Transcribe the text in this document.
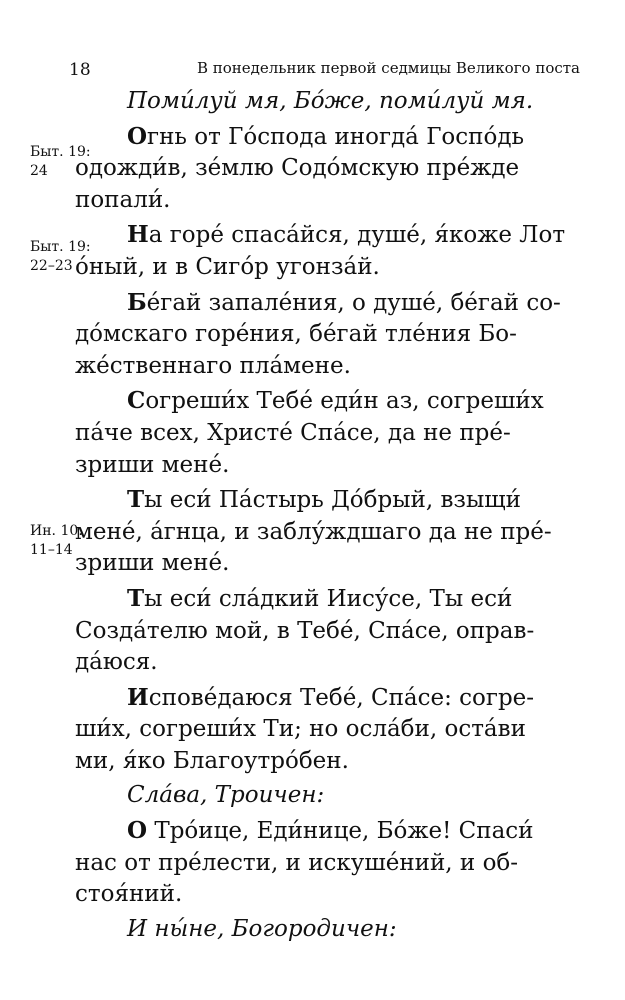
18	В понедельник первой седмицы Великого поста
Быт. 19:
24
Быт. 19:
22–23
Ин. 10:
11–14
Поми́луй мя, Бо́же, поми́луй мя.
Огнь от Го́спода иногда́ Госпо́дь
одожди́в, зе́млю Содо́мскую пре́жде
попали́.
На горе́ спаса́йся, душе́, я́коже Лот
о́ный, и в Сиго́р угонза́й.
Бе́гай запале́ния, о душе́, бе́гай со-
до́мскаго горе́ния, бе́гай тле́ния Бо-
же́ственнаго пла́мене.
Согреши́х Тебе́ еди́н аз, согреши́х
па́че всех, Христе́ Спа́се, да не пре́-
зриши мене́.
Ты еси́ Па́стырь До́брый, взыщи́
мене́, а́гнца, и заблу́ждшаго да не пре́-
зриши мене́.
Ты еси́ сла́дкий Иису́се, Ты еси́
Созда́телю мой, в Тебе́, Спа́се, оправ-
да́юся.
Исповéдаюся Тебе́, Спа́се: согре-
ши́х, согреши́х Ти; но осла́би, оста́ви
ми, я́ко Благоутро́бен.
Сла́ва, Троичен:
О Тро́ице, Еди́нице, Бо́же! Спаси́
нас от пре́лести, и искуше́ний, и об-
стоя́ний.
И ны́не, Богородичен:
